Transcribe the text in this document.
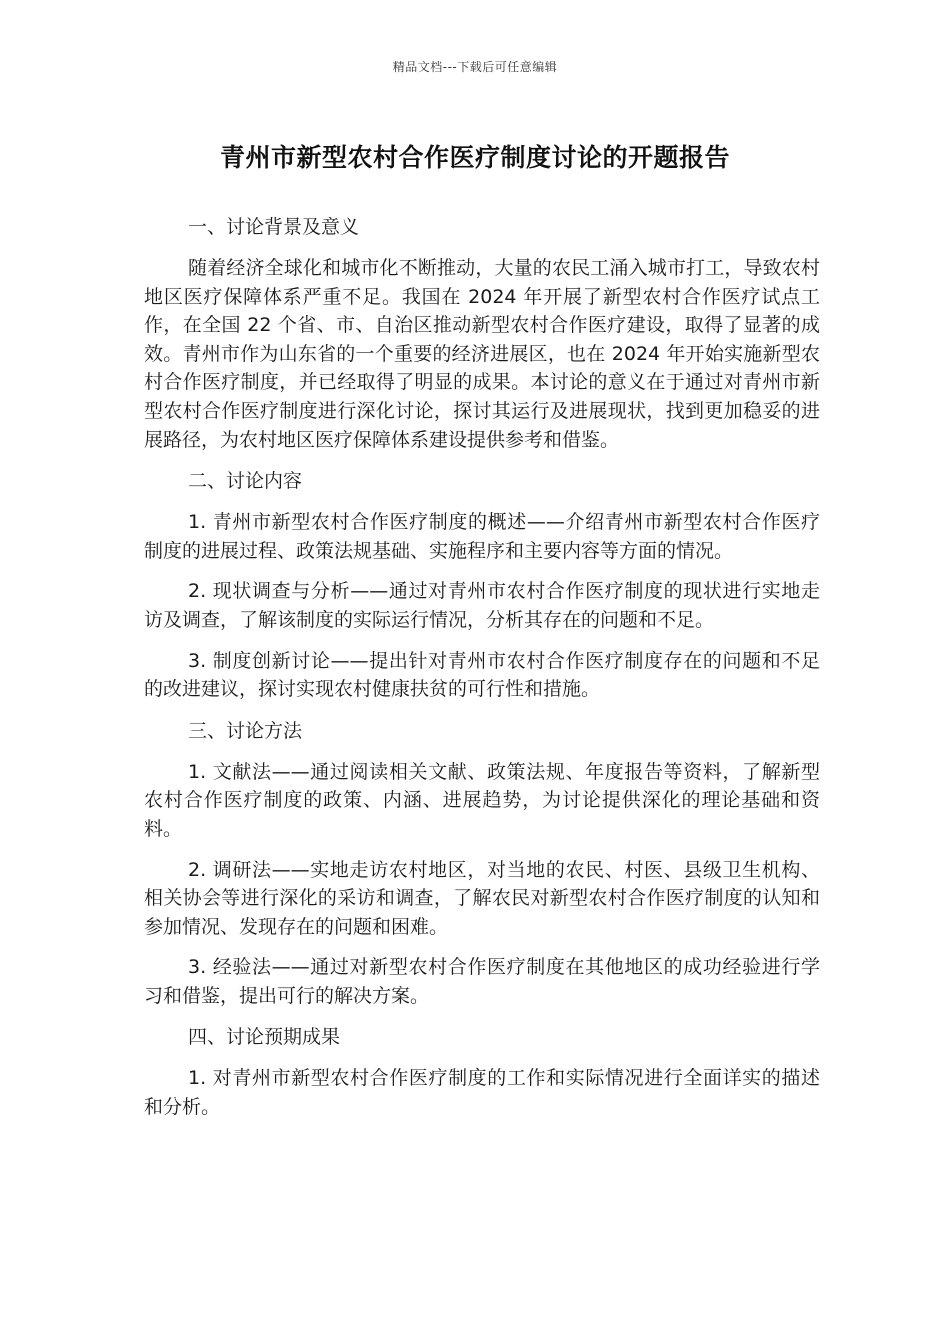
精品文档---下载后可任意编辑
青州市新型农村合作医疗制度讨论的开题报告

一、讨论背景及意义

随着经济全球化和城市化不断推动，大量的农民工涌入城市打工，导致农村地区医疗保障体系严重不足。我国在 2024 年开展了新型农村合作医疗试点工作，在全国 22 个省、市、自治区推动新型农村合作医疗建设，取得了显著的成效。青州市作为山东省的一个重要的经济进展区，也在 2024 年开始实施新型农村合作医疗制度，并已经取得了明显的成果。本讨论的意义在于通过对青州市新型农村合作医疗制度进行深化讨论，探讨其运行及进展现状，找到更加稳妥的进展路径，为农村地区医疗保障体系建设提供参考和借鉴。

二、讨论内容

1. 青州市新型农村合作医疗制度的概述——介绍青州市新型农村合作医疗制度的进展过程、政策法规基础、实施程序和主要内容等方面的情况。

2. 现状调查与分析——通过对青州市农村合作医疗制度的现状进行实地走访及调查，了解该制度的实际运行情况，分析其存在的问题和不足。

3. 制度创新讨论——提出针对青州市农村合作医疗制度存在的问题和不足的改进建议，探讨实现农村健康扶贫的可行性和措施。

三、讨论方法

1. 文献法——通过阅读相关文献、政策法规、年度报告等资料，了解新型农村合作医疗制度的政策、内涵、进展趋势，为讨论提供深化的理论基础和资料。

2. 调研法——实地走访农村地区，对当地的农民、村医、县级卫生机构、相关协会等进行深化的采访和调查，了解农民对新型农村合作医疗制度的认知和参加情况、发现存在的问题和困难。

3. 经验法——通过对新型农村合作医疗制度在其他地区的成功经验进行学习和借鉴，提出可行的解决方案。

四、讨论预期成果

1. 对青州市新型农村合作医疗制度的工作和实际情况进行全面详实的描述和分析。
